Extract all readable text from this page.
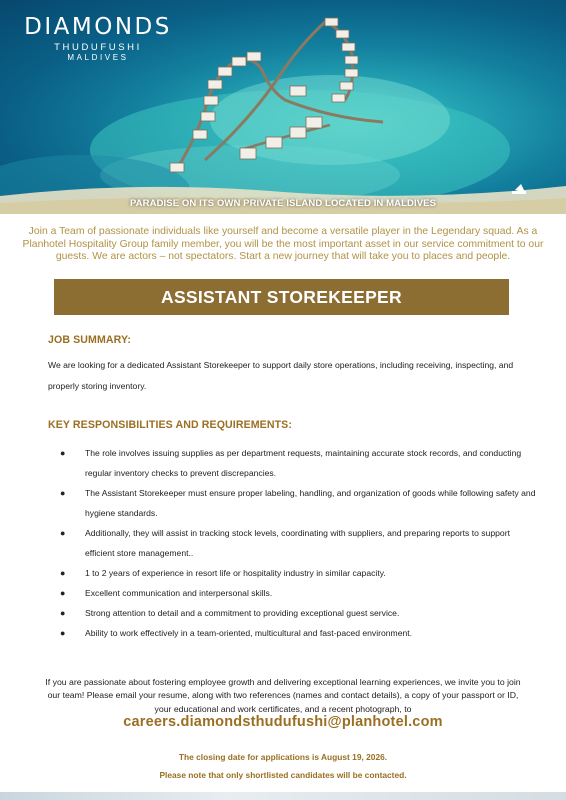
DIAMONDS
THUDUFUSHI
MALDIVES
PARADISE ON ITS OWN PRIVATE ISLAND LOCATED IN MALDIVES

Join a Team of passionate individuals like yourself and become a versatile player in the Legendary squad. As a Planhotel Hospitality Group family member, you will be the most important asset in our service commitment to our guests. We are actors – not spectators. Start a new journey that will take you to places and people.

ASSISTANT STOREKEEPER
JOB SUMMARY:

We are looking for a dedicated Assistant Storekeeper to support daily store operations, including receiving, inspecting, and properly storing inventory.

KEY RESPONSIBILITIES AND REQUIREMENTS:
● The role involves issuing supplies as per department requests, maintaining accurate stock records, and conducting regular inventory checks to prevent discrepancies.
● The Assistant Storekeeper must ensure proper labeling, handling, and organization of goods while following safety and hygiene standards.
● Additionally, they will assist in tracking stock levels, coordinating with suppliers, and preparing reports to support efficient store management..
● 1 to 2 years of experience in resort life or hospitality industry in similar capacity.
● Excellent communication and interpersonal skills.
● Strong attention to detail and a commitment to providing exceptional guest service.
● Ability to work effectively in a team-oriented, multicultural and fast-paced environment.

If you are passionate about fostering employee growth and delivering exceptional learning experiences, we invite you to join our team! Please email your resume, along with two references (names and contact details), a copy of your passport or ID, your educational and work certificates, and a recent photograph, to

careers.diamondsthudufushi@planhotel.com
The closing date for applications is August 19, 2026.
Please note that only shortlisted candidates will be contacted.
